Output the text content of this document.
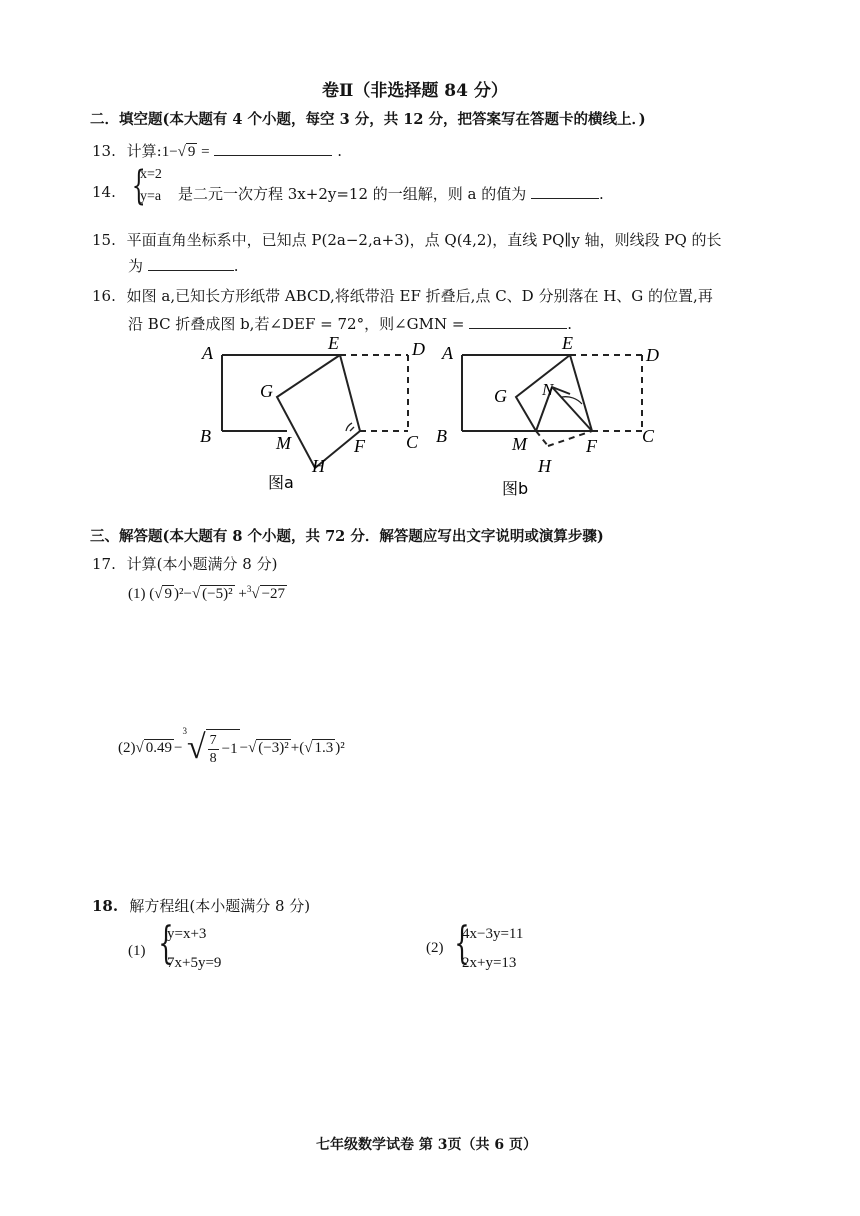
卷Ⅱ（非选择题 84 分）
二．填空题(本大题有 4 个小题，每空 3 分，共 12 分，把答案写在答题卡的横线上．)
13. 计算:1−√ 9 =	.
14. {
x=2
y=a 是二元一次方程 3x+2y=12 的一组解，则 a 的值为	.
15. 平面直角坐标系中，已知点 P(2a−2,a+3)，点 Q(4,2)，直线 PQ∥y 轴，则线段 PQ 的长
为	.
16. 如图 a,已知长方形纸带 ABCD,将纸带沿 EF 折叠后,点 C、D 分别落在 H、G 的位置,再
沿 BC 折叠成图 b,若∠DEF = 72°，则∠GMN =	.
A	E	D
G
B	M	F C
H
图a
A	E
D
G N
B	M	F	C
H
图b
三、解答题(本大题有 8 个小题，共 72 分．解答题应写出文字说明或演算步骤)
17. 计算(本小题满分 8 分)
(1) (√ 9 )²−√ (−5)² +$^3$√ −27
(2) √ 0.49 −
3 √ $\frac{7}{8} -1$ − √ (−3)² +( √ 1.3 )²
18. 解方程组(本小题满分 8 分)
(1) {
y=x+3
7x+5y=9
(2) {
4x−3y=11
2x+y=13
七年级数学试卷 第 3页（共 6 页）
